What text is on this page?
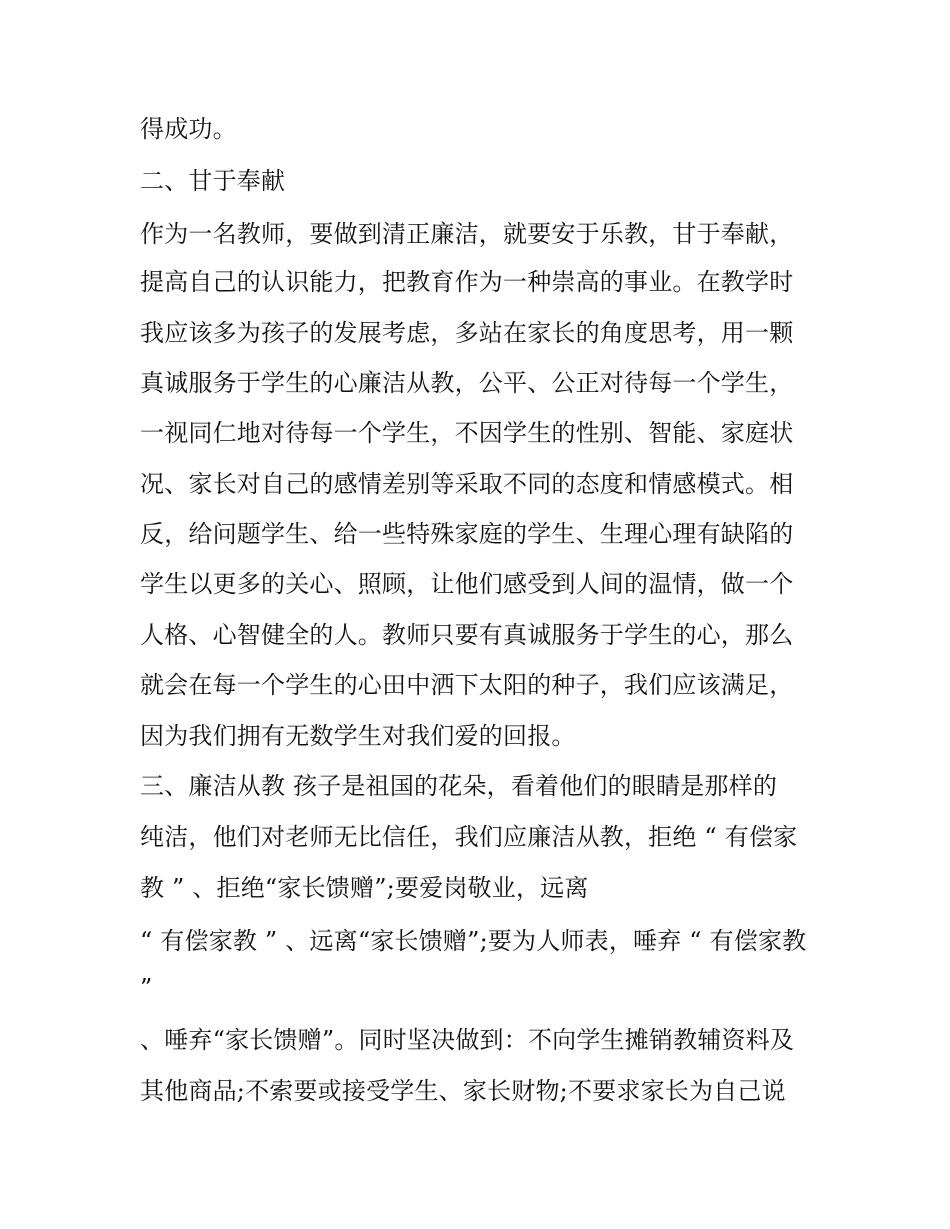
得成功。
二、甘于奉献
作为一名教师，要做到清正廉洁，就要安于乐教，甘于奉献，
提高自己的认识能力，把教育作为一种崇高的事业。在教学时
我应该多为孩子的发展考虑，多站在家长的角度思考，用一颗
真诚服务于学生的心廉洁从教，公平、公正对待每一个学生，
一视同仁地对待每一个学生，不因学生的性别、智能、家庭状
况、家长对自己的感情差别等采取不同的态度和情感模式。相
反，给问题学生、给一些特殊家庭的学生、生理心理有缺陷的
学生以更多的关心、照顾，让他们感受到人间的温情，做一个
人格、心智健全的人。教师只要有真诚服务于学生的心，那么
就会在每一个学生的心田中洒下太阳的种子，我们应该满足，
因为我们拥有无数学生对我们爱的回报。
三、廉洁从教 孩子是祖国的花朵，看着他们的眼睛是那样的
纯洁，他们对老师无比信任，我们应廉洁从教，拒绝 “ 有偿家
教 ” 、拒绝“家长馈赠”;要爱岗敬业，远离
“ 有偿家教 ” 、远离“家长馈赠”;要为人师表，唾弃 “ 有偿家教
”
、唾弃“家长馈赠”。同时坚决做到：不向学生摊销教辅资料及
其他商品;不索要或接受学生、家长财物;不要求家长为自己说
